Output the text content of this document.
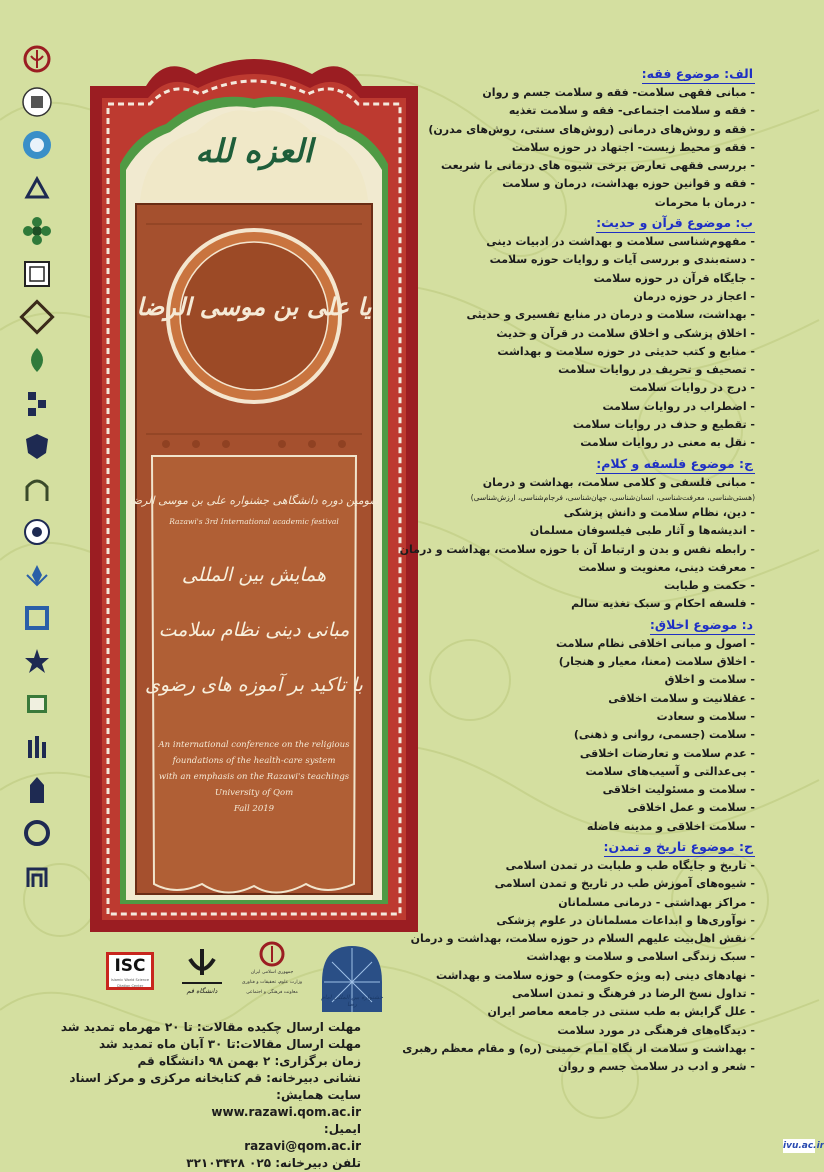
العزه لله
یا علی بن موسی الرضا
سومین دوره دانشگاهی جشنواره علی بن موسی الرضا
Razawi's 3rd International academic festival
همایش بین المللی
مبانی دینی نظام سلامت
با تاکید بر آموزه های رضوی
An international conference on the religious
foundations of the health-care system
with an emphasis on the Razawi's teachings
University of Qom
Fall 2019
ISC
Islamic World Science Citation Center
دانشگاه قم
جمهوری اسلامی ایران
وزارت علوم، تحقیقات و فناوری
معاونت فرهنگی و اجتماعی
جشنواره بین المللی امام رضا
مهلت ارسال چکیده مقالات: تا ۲۰ مهرماه تمدید شد
مهلت ارسال مقالات:تا ۳۰ آبان ماه تمدید شد
زمان برگزاری: ۲ بهمن ۹۸ دانشگاه قم
نشانی دبیرخانه: قم کتابخانه مرکزی و مرکز اسناد
سایت همایش:
www.razawi.qom.ac.ir
ایمیل:
razavi@qom.ac.ir
تلفن دبیرخانه: ۰۲۵ ۳۲۱۰۳۴۲۸
الف: موضوع فقه:
- مبانی فقهی سلامت- فقه و سلامت جسم و روان
- فقه و سلامت اجتماعی- فقه و سلامت تغذیه
- فقه و روش‌های درمانی (روش‌های سنتی، روش‌های مدرن)
- فقه و محیط زیست- اجتهاد در حوزه سلامت
- بررسی فقهی تعارض برخی شیوه های درمانی با شریعت
- فقه و قوانین حوزه بهداشت، درمان و سلامت
- درمان با محرمات
ب: موضوع قرآن و حدیث:
- مفهوم‌شناسی سلامت و بهداشت در ادبیات دینی
- دسته‌بندی و بررسی آیات و روایات حوزه سلامت
- جایگاه قرآن در حوزه سلامت
- اعجاز در حوزه درمان
- بهداشت، سلامت و درمان در منابع تفسیری و حدیثی
- اخلاق پزشکی و اخلاق سلامت در قرآن و حدیث
- منابع و کتب حدیثی در حوزه سلامت و بهداشت
- تصحیف و تحریف در روایات سلامت
- درج در روایات سلامت
- اضطراب در روایات سلامت
- تقطیع و حذف در روایات سلامت
- نقل به معنی در روایات سلامت
ج: موضوع فلسفه و کلام:
- مبانی فلسفی و کلامی سلامت، بهداشت و درمان
(هستی‌شناسی، معرفت‌شناسی، انسان‌شناسی، جهان‌شناسی، فرجام‌شناسی، ارزش‌شناسی)
- دین، نظام سلامت و دانش پزشکی
- اندیشه‌ها و آثار طبی فیلسوفان مسلمان
- رابطه نفس و بدن و ارتباط آن با حوزه سلامت، بهداشت و درمان
- معرفت دینی، معنویت و سلامت
- حکمت و طبابت
- فلسفه احکام و سبک تغذیه سالم
د: موضوع اخلاق:
- اصول و مبانی اخلاقی نظام سلامت
- اخلاق سلامت (معنا، معیار و هنجار)
- سلامت و اخلاق
- عقلانیت و سلامت اخلاقی
- سلامت و سعادت
- سلامت (جسمی، روانی و ذهنی)
- عدم سلامت و تعارضات اخلاقی
- بی‌عدالتی و آسیب‌های سلامت
- سلامت و مسئولیت اخلاقی
- سلامت و عمل اخلاقی
- سلامت اخلاقی و مدینه فاضله
ح: موضوع تاریخ و تمدن:
- تاریخ و جایگاه طب و طبابت در تمدن اسلامی
- شیوه‌های آموزش طب در تاریخ و تمدن اسلامی
- مراکز بهداشتی - درمانی مسلمانان
- نوآوری‌ها و ابداعات مسلمانان در علوم پزشکی
- نقش اهل‌بیت علیهم السلام در حوزه سلامت، بهداشت و درمان
- سبک زندگی اسلامی و سلامت و بهداشت
- نهادهای دینی (به ویژه حکومت) و حوزه سلامت و بهداشت
- تداول نسخ الرضا در فرهنگ و تمدن اسلامی
- علل گرایش به طب سنتی در جامعه معاصر ایران
- دیدگاه‌های فرهنگی در مورد سلامت
- بهداشت و سلامت از نگاه امام خمینی (ره) و مقام معظم رهبری
- شعر و ادب در سلامت جسم و روان
ivu.ac.ir
